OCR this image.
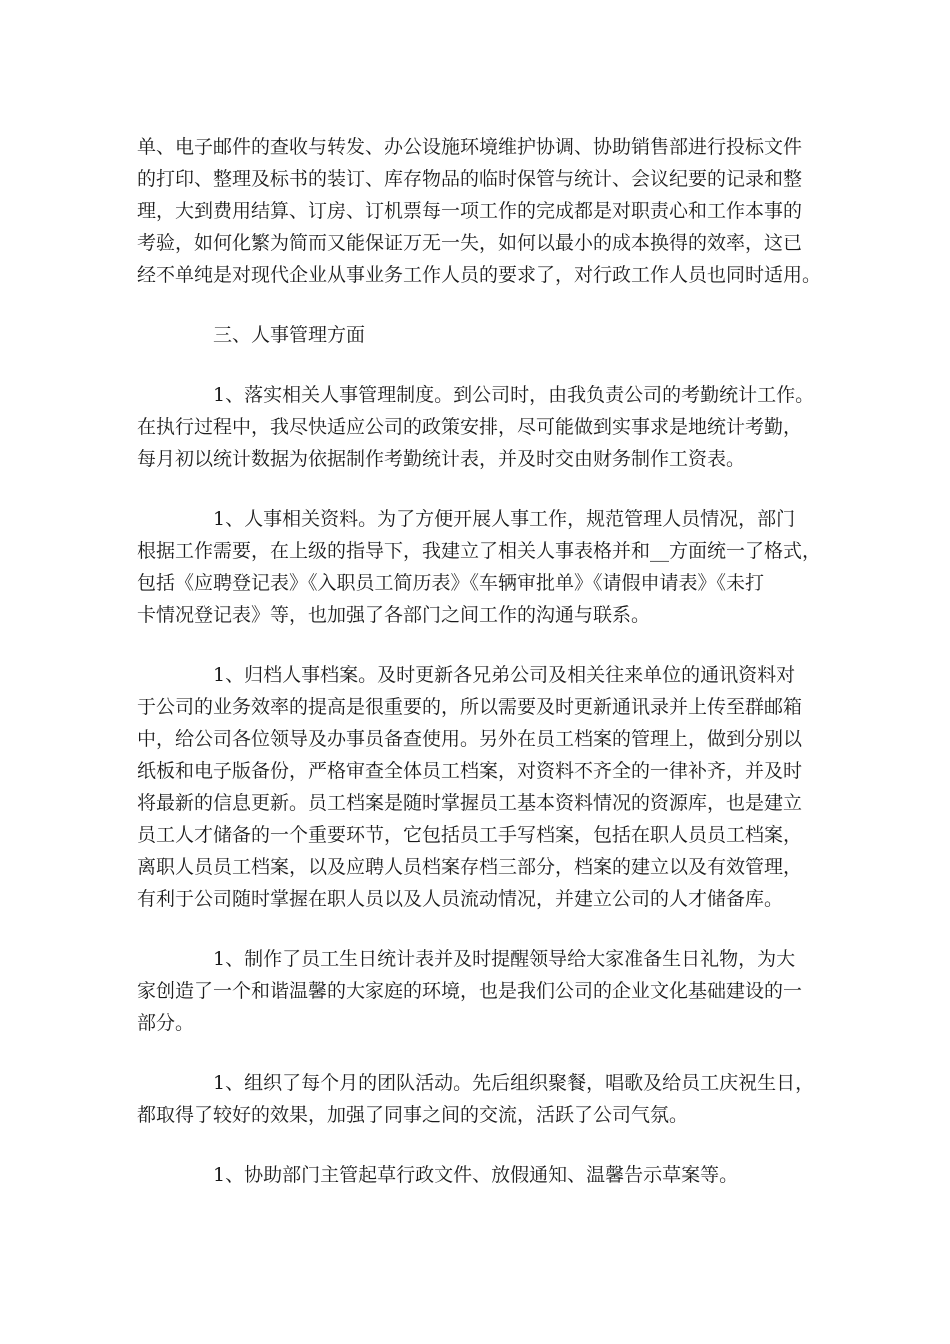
单、电子邮件的查收与转发、办公设施环境维护协调、协助销售部进行投标文件
的打印、整理及标书的装订、库存物品的临时保管与统计、会议纪要的记录和整
理，大到费用结算、订房、订机票每一项工作的完成都是对职责心和工作本事的
考验，如何化繁为简而又能保证万无一失，如何以最小的成本换得的效率，这已
经不单纯是对现代企业从事业务工作人员的要求了，对行政工作人员也同时适用。
三、人事管理方面
1、落实相关人事管理制度。到公司时，由我负责公司的考勤统计工作。
在执行过程中，我尽快适应公司的政策安排，尽可能做到实事求是地统计考勤，
每月初以统计数据为依据制作考勤统计表，并及时交由财务制作工资表。
1、人事相关资料。为了方便开展人事工作，规范管理人员情况，部门
根据工作需要，在上级的指导下，我建立了相关人事表格并和__方面统一了格式，
包括《应聘登记表》《入职员工简历表》《车辆审批单》《请假申请表》《未打
卡情况登记表》等，也加强了各部门之间工作的沟通与联系。
1、归档人事档案。及时更新各兄弟公司及相关往来单位的通讯资料对
于公司的业务效率的提高是很重要的，所以需要及时更新通讯录并上传至群邮箱
中，给公司各位领导及办事员备查使用。另外在员工档案的管理上，做到分别以
纸板和电子版备份，严格审查全体员工档案，对资料不齐全的一律补齐，并及时
将最新的信息更新。员工档案是随时掌握员工基本资料情况的资源库，也是建立
员工人才储备的一个重要环节，它包括员工手写档案，包括在职人员员工档案，
离职人员员工档案，以及应聘人员档案存档三部分，档案的建立以及有效管理，
有利于公司随时掌握在职人员以及人员流动情况，并建立公司的人才储备库。
1、制作了员工生日统计表并及时提醒领导给大家准备生日礼物，为大
家创造了一个和谐温馨的大家庭的环境，也是我们公司的企业文化基础建设的一
部分。
1、组织了每个月的团队活动。先后组织聚餐，唱歌及给员工庆祝生日，
都取得了较好的效果，加强了同事之间的交流，活跃了公司气氛。
1、协助部门主管起草行政文件、放假通知、温馨告示草案等。
